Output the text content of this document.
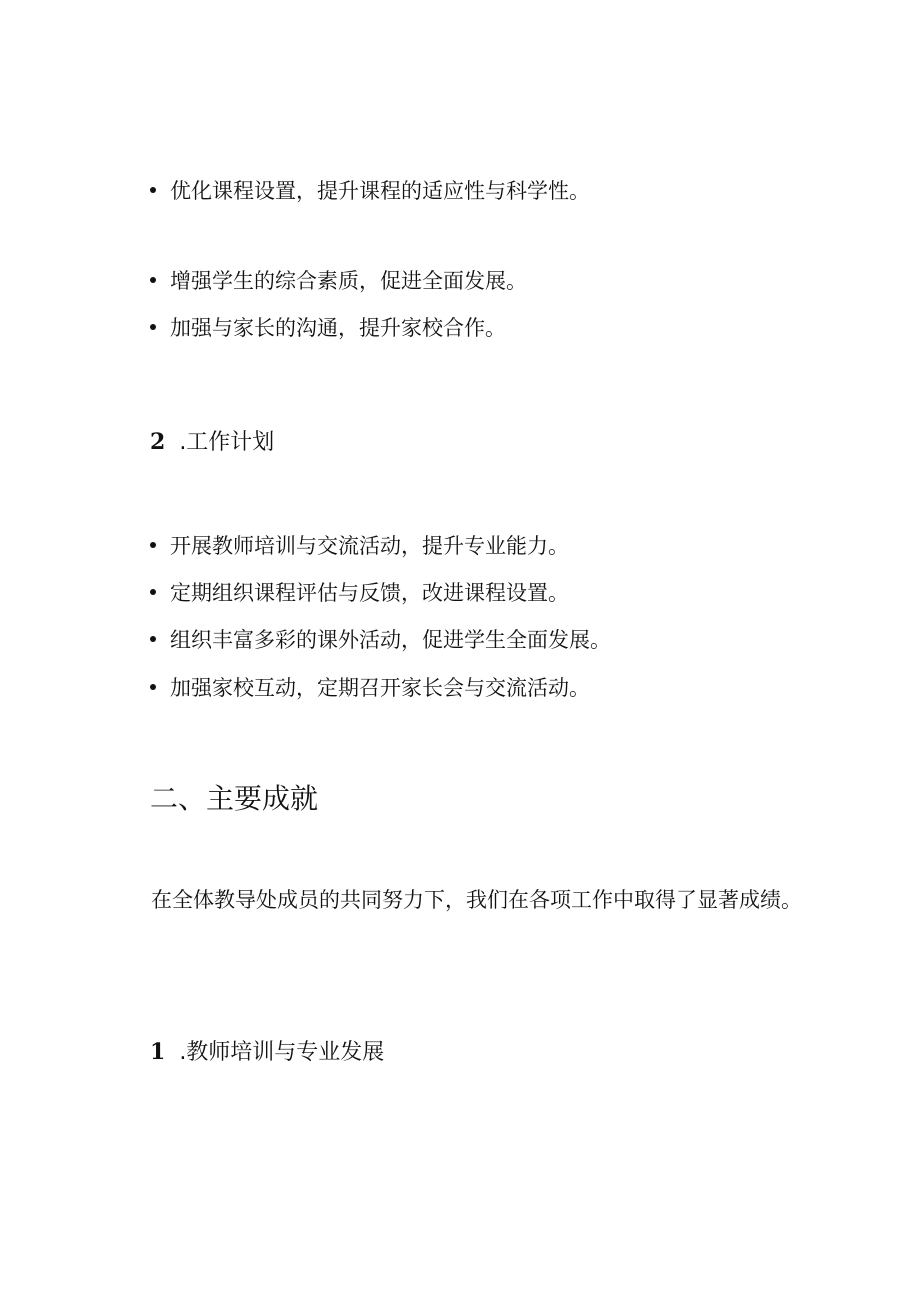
优化课程设置，提升课程的适应性与科学性。
增强学生的综合素质，促进全面发展。
加强与家长的沟通，提升家校合作。
2 .工作计划
开展教师培训与交流活动，提升专业能力。
定期组织课程评估与反馈，改进课程设置。
组织丰富多彩的课外活动，促进学生全面发展。
加强家校互动，定期召开家长会与交流活动。
二、主要成就
在全体教导处成员的共同努力下，我们在各项工作中取得了显著成绩。
1 .教师培训与专业发展
